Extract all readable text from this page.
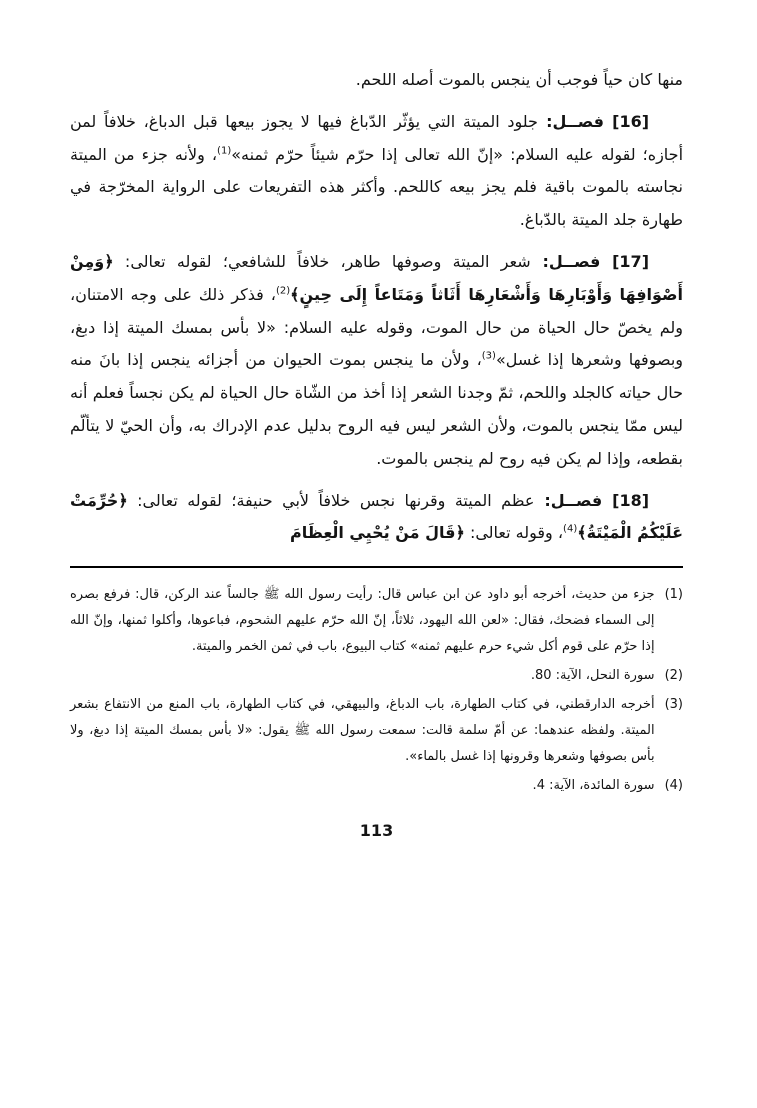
منها كان حياً فوجب أن ينجس بالموت أصله اللحم.

[16] فصــل: جلود الميتة التي يؤثّر الدّباغ فيها لا يجوز بيعها قبل الدباغ، خلافاً لمن أجازه؛ لقوله عليه السلام: «إنّ الله تعالى إذا حرّم شيئاً حرّم ثمنه»$^{(1)}$، ولأنه جزء من الميتة نجاسته بالموت باقية فلم يجز بيعه كاللحم. وأكثر هذه التفريعات على الرواية المخرّجة في طهارة جلد الميتة بالدّباغ.

[17] فصــل: شعر الميتة وصوفها طاهر، خلافاً للشافعي؛ لقوله تعالى: ﴿وَمِنْ أَصْوَافِهَا وَأَوْبَارِهَا وَأَشْعَارِهَا أَثَاثاً وَمَتَاعاً إِلَى حِينٍ﴾$^{(2)}$، فذكر ذلك على وجه الامتنان، ولم يخصّ حال الحياة من حال الموت، وقوله عليه السلام: «لا بأس بمسك الميتة إذا دبغ، وبصوفها وشعرها إذا غسل»$^{(3)}$، ولأن ما ينجس بموت الحيوان من أجزائه ينجس إذا بانَ منه حال حياته كالجلد واللحم، ثمّ وجدنا الشعر إذا أخذ من الشّاة حال الحياة لم يكن نجساً فعلم أنه ليس ممّا ينجس بالموت، ولأن الشعر ليس فيه الروح بدليل عدم الإدراك به، وأن الحيّ لا يتألّم بقطعه، وإذا لم يكن فيه روح لم ينجس بالموت.

[18] فصــل: عظم الميتة وقرنها نجس خلافاً لأبي حنيفة؛ لقوله تعالى: ﴿حُرِّمَتْ عَلَيْكُمُ الْمَيْتَةُ﴾$^{(4)}$، وقوله تعالى: ﴿قَالَ مَنْ يُحْيِي الْعِظَامَ

(1)
جزء من حديث، أخرجه أبو داود عن ابن عباس قال: رأيت رسول الله ﷺ جالساً عند الركن، قال: فرفع بصره إلى السماء فضحك، فقال: «لعن الله اليهود، ثلاثاً، إنّ الله حرّم عليهم الشحوم، فباعوها، وأكلوا ثمنها، وإنّ الله إذا حرّم على قوم أكل شيء حرم عليهم ثمنه» كتاب البيوع، باب في ثمن الخمر والميتة.
(2)
سورة النحل، الآية: 80.
(3)
أخرجه الدارقطني، في كتاب الطهارة، باب الدباغ، والبيهقي، في كتاب الطهارة، باب المنع من الانتفاع بشعر الميتة. ولفظه عندهما: عن أمّ سلمة قالت: سمعت رسول الله ﷺ يقول: «لا بأس بمسك الميتة إذا دبغ، ولا بأس بصوفها وشعرها وقرونها إذا غسل بالماء».
(4)
سورة المائدة، الآية: 4.
113
